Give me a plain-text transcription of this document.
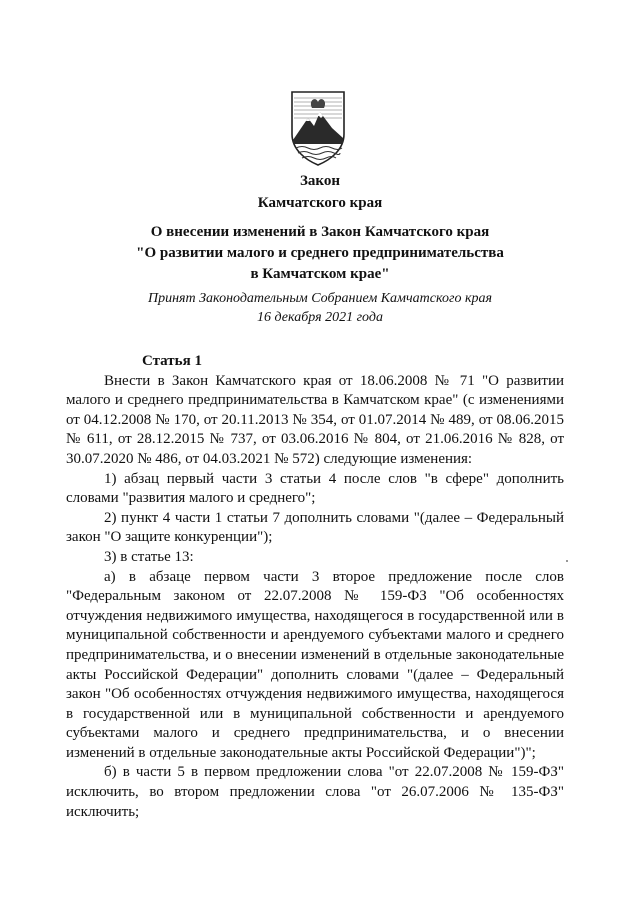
Закон
Камчатского края
О внесении изменений в Закон Камчатского края
"О развитии малого и среднего предпринимательства
в Камчатском крае"
Принят Законодательным Собранием Камчатского края
16 декабря 2021 года

Статья 1

Внести в Закон Камчатского края от 18.06.2008 № 71 "О развитии малого и среднего предпринимательства в Камчатском крае" (с изменениями от 04.12.2008 № 170, от 20.11.2013 № 354, от 01.07.2014 № 489, от 08.06.2015 № 611, от 28.12.2015 № 737, от 03.06.2016 № 804, от 21.06.2016 № 828, от 30.07.2020 № 486, от 04.03.2021 № 572) следующие изменения:

1) абзац первый части 3 статьи 4 после слов "в сфере" дополнить словами "развития малого и среднего";

2) пункт 4 части 1 статьи 7 дополнить словами "(далее – Федеральный закон "О защите конкуренции");

3) в статье 13:

а) в абзаце первом части 3 второе предложение после слов "Федеральным законом от 22.07.2008 № 159-ФЗ "Об особенностях отчуждения недвижимого имущества, находящегося в государственной или в муниципальной собственности и арендуемого субъектами малого и среднего предпринимательства, и о внесении изменений в отдельные законодательные акты Российской Федерации" дополнить словами "(далее – Федеральный закон "Об особенностях отчуждения недвижимого имущества, находящегося в государственной или в муниципальной собственности и арендуемого субъектами малого и среднего предпринимательства, и о внесении изменений в отдельные законодательные акты Российской Федерации")";

б) в части 5 в первом предложении слова "от 22.07.2008 № 159-ФЗ" исключить, во втором предложении слова "от 26.07.2006 № 135-ФЗ" исключить;
